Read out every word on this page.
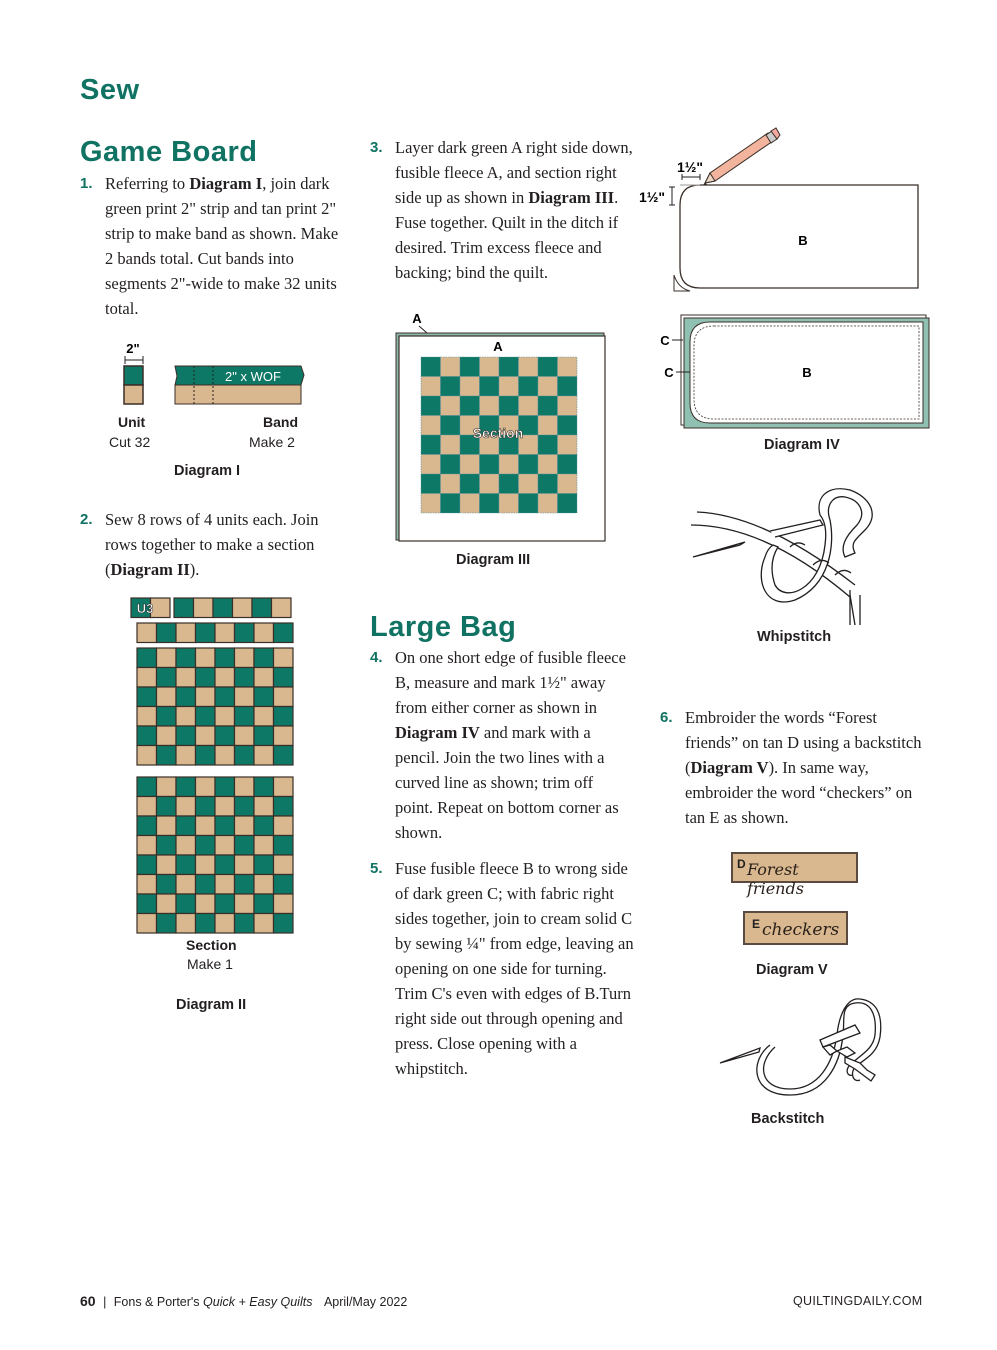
Sew
Game Board
1. Referring to Diagram I, join dark green print 2" strip and tan print 2" strip to make band as shown. Make 2 bands total. Cut bands into segments 2"-wide to make 32 units total.
2"
2" x WOF
Unit
Cut 32
Band
Make 2
Diagram I
2. Sew 8 rows of 4 units each. Join rows together to make a section (Diagram II).
U3
Section
Make 1
Diagram II
3. Layer dark green A right side down, fusible fleece A, and section right side up as shown in Diagram III. Fuse together. Quilt in the ditch if desired. Trim excess fleece and backing; bind the quilt.
A
A
Section
Diagram III
Large Bag
4. On one short edge of fusible fleece B, measure and mark 1½" away from either corner as shown in Diagram IV and mark with a pencil. Join the two lines with a curved line as shown; trim off point. Repeat on bottom corner as shown.
5. Fuse fusible fleece B to wrong side of dark green C; with fabric right sides together, join to cream solid C by sewing ¼" from edge, leaving an opening on one side for turning. Trim C's even with edges of B.Turn right side out through opening and press. Close opening with a whipstitch.
1½"
1½"
B
C
C	B
Diagram IV
Whipstitch
6. Embroider the words “Forest friends” on tan D using a backstitch (Diagram V). In same way, embroider the word “checkers” on tan E as shown.
D Forest friends
E checkers
Diagram V
Backstitch
60 | Fons & Porter's Quick + Easy Quilts April/May 2022	QUILTINGDAILY.COM
